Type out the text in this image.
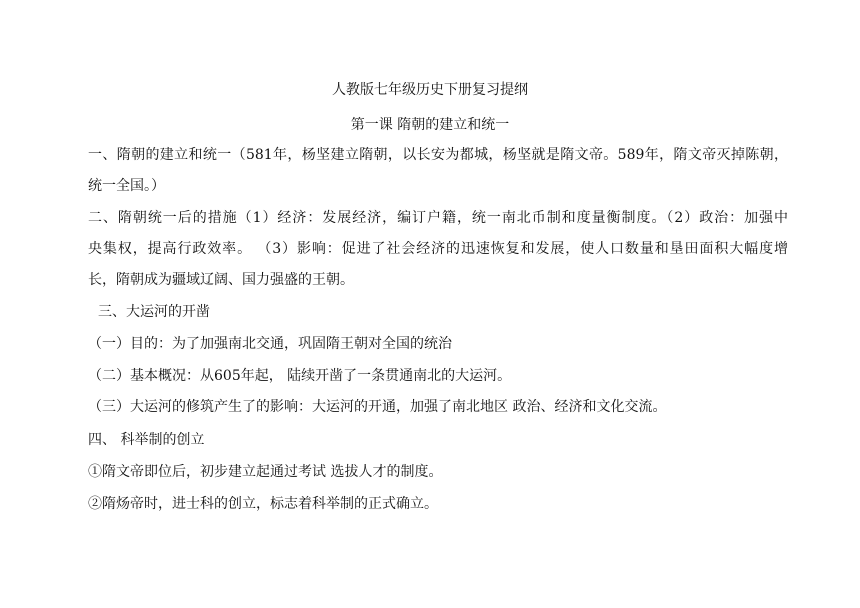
人教版七年级历史下册复习提纲
第一课 隋朝的建立和统一
一、隋朝的建立和统一（581年，杨坚建立隋朝，以长安为都城，杨坚就是隋文帝。589年，隋文帝灭掉陈朝，
统一全国。）
二、隋朝统一后的措施（1）经济：发展经济，编订户籍，统一南北币制和度量衡制度。（2）政治：加强中
央集权，提高行政效率。 （3）影响：促进了社会经济的迅速恢复和发展，使人口数量和垦田面积大幅度增
长，隋朝成为疆域辽阔、国力强盛的王朝。
三、大运河的开凿
（一）目的：为了加强南北交通，巩固隋王朝对全国的统治
（二）基本概况：从605年起， 陆续开凿了一条贯通南北的大运河。
（三）大运河的修筑产生了的影响：大运河的开通，加强了南北地区 政治、经济和文化交流。
四、 科举制的创立
①隋文帝即位后，初步建立起通过考试 选拔人才的制度。
②隋炀帝时，进士科的创立，标志着科举制的正式确立。
